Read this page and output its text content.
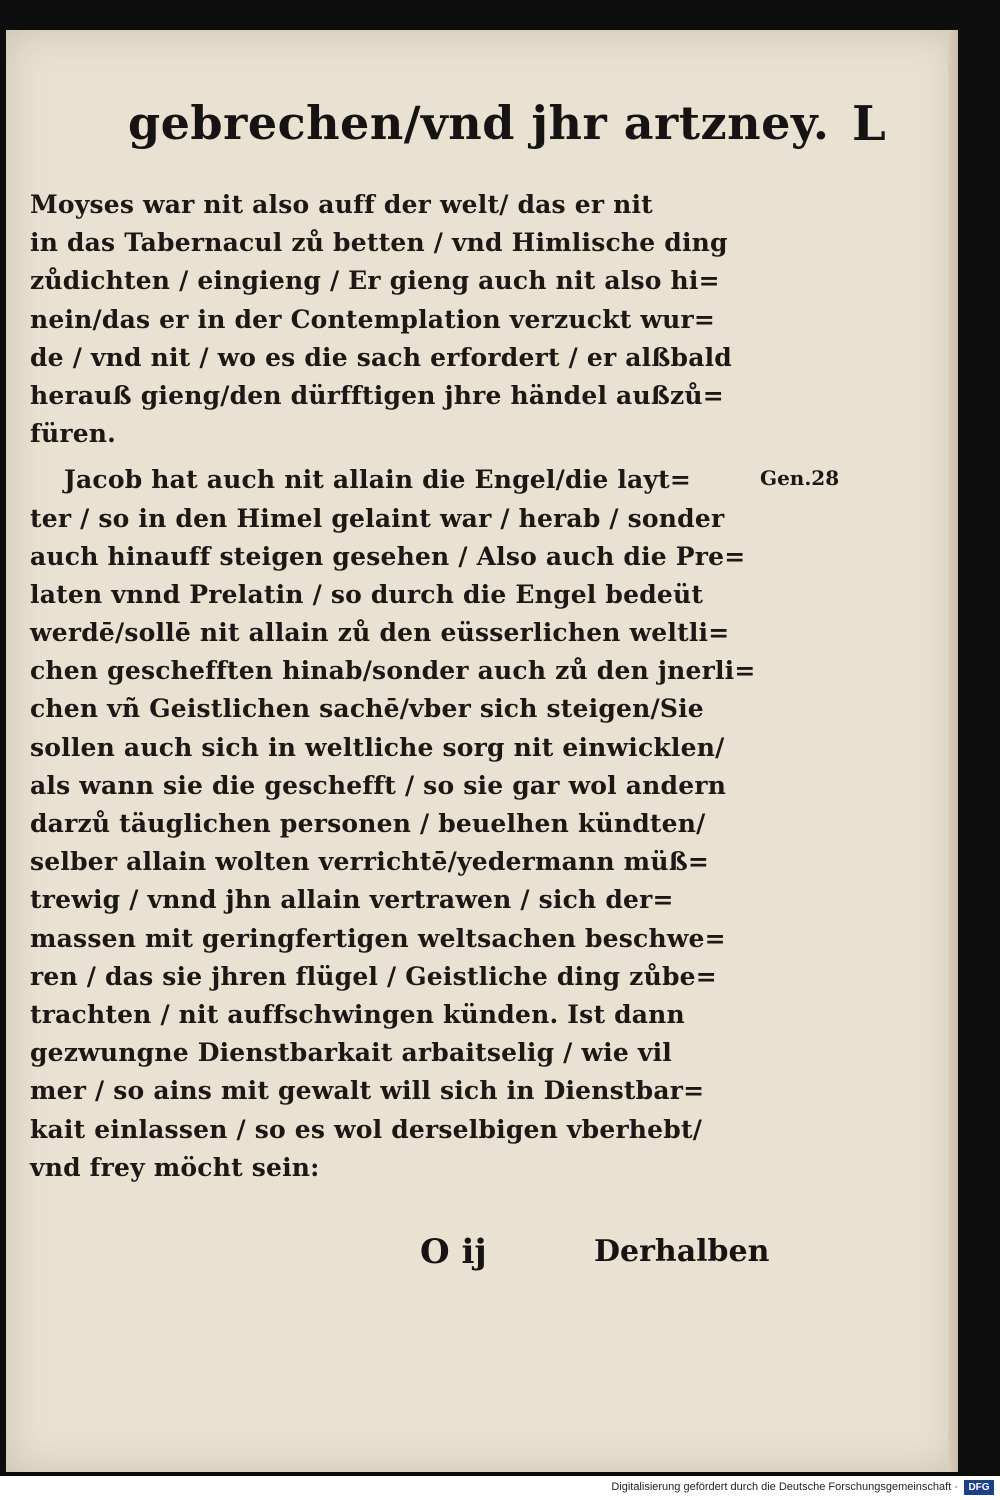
gebrechen/vnd jhr artzney. L
Moyses war nit also auff der welt/ das er nit
in das Tabernacul zů betten / vnd Himlische ding
zůdichten / eingieng / Er gieng auch nit also hi=
nein/das er in der Contemplation verzuckt wur=
de / vnd nit / wo es die sach erfordert / er alßbald
herauß gieng/den dürfftigen jhre händel außzů=
füren.
Jacob hat auch nit allain die Engel/die layt=
ter / so in den Himel gelaint war / herab / sonder
auch hinauff steigen gesehen / Also auch die Pre=
laten vnnd Prelatin / so durch die Engel bedeüt
werdē/sollē nit allain zů den eüsserlichen weltli=
chen geschefften hinab/sonder auch zů den jnerli=
chen vñ Geistlichen sachē/vber sich steigen/Sie
sollen auch sich in weltliche sorg nit einwicklen/
als wann sie die geschefft / so sie gar wol andern
darzů täuglichen personen / beuelhen kündten/
selber allain wolten verrichtē/yedermann müß=
trewig / vnnd jhn allain vertrawen / sich der=
massen mit geringfertigen weltsachen beschwe=
ren / das sie jhren flügel / Geistliche ding zůbe=
trachten / nit auffschwingen künden. Ist dann
gezwungne Dienstbarkait arbaitselig / wie vil
mer / so ains mit gewalt will sich in Dienstbar=
kait einlassen / so es wol derselbigen vberhebt/
vnd frey möcht sein:
Gen.28
O ij	Derhalben
Digitalisierung gefördert durch die Deutsche Forschungsgemeinschaft ·	DFG
